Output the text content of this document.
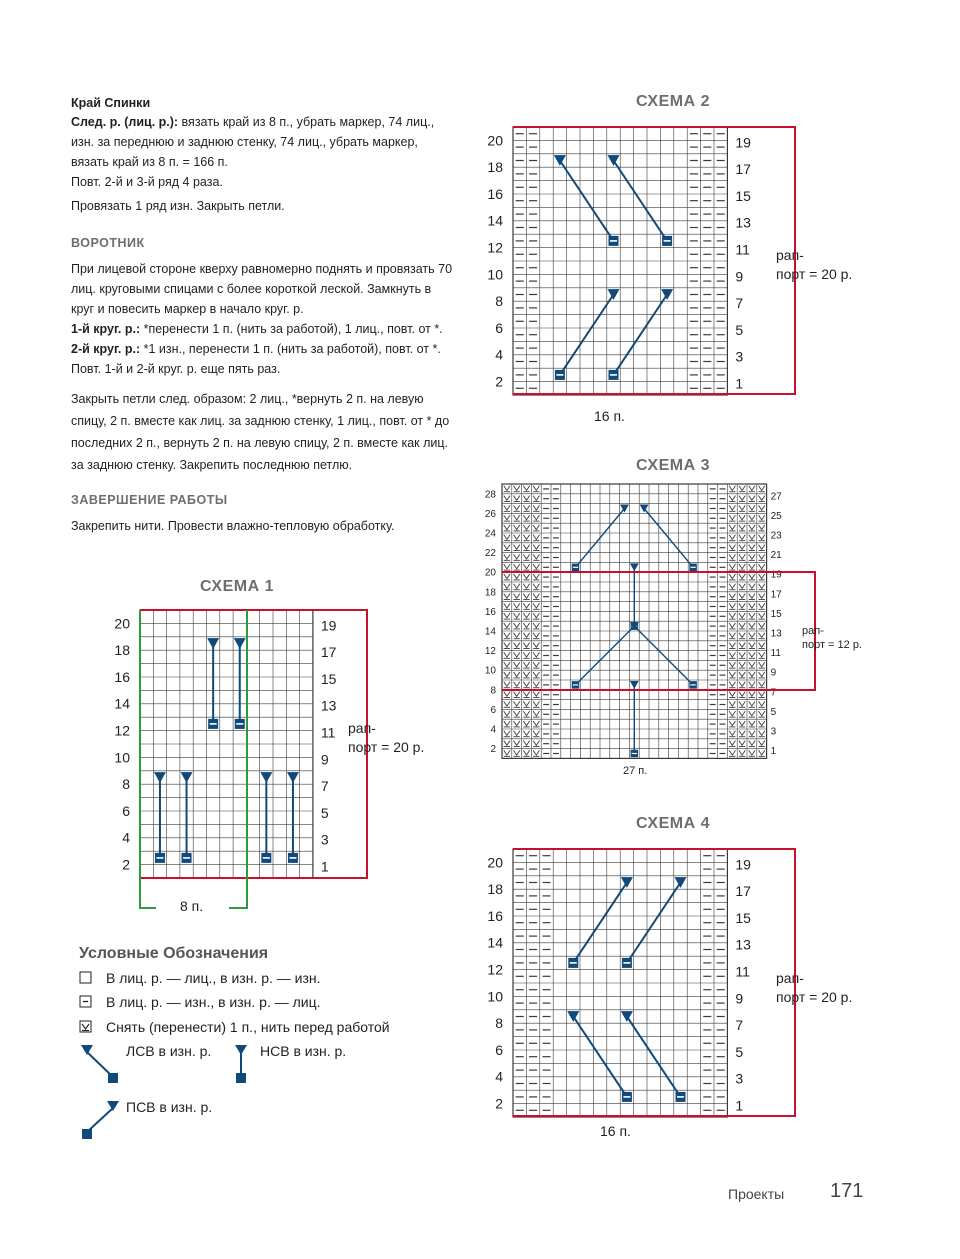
Край Спинки
След. р. (лиц. р.): вязать край из 8 п., убрать маркер, 74 лиц., изн. за переднюю и заднюю стенку, 74 лиц., убрать маркер, вязать край из 8 п. = 166 п.
Повт. 2-й и 3-й ряд 4 раза.
Провязать 1 ряд изн. Закрыть петли.
ВОРОТНИК
При лицевой стороне кверху равномерно поднять и провязать 70 лиц. круговыми спицами с более короткой леской. Замкнуть в круг и повесить маркер в начало круг. р.
1-й круг. р.: *перенести 1 п. (нить за работой), 1 лиц., повт. от *.
2-й круг. р.: *1 изн., перенести 1 п. (нить за работой), повт. от *.
Повт. 1-й и 2-й круг. р. еще пять раз.
Закрыть петли след. образом: 2 лиц., *вернуть 2 п. на левую спицу, 2 п. вместе как лиц. за заднюю стенку, 1 лиц., повт. от * до последних 2 п., вернуть 2 п. на левую спицу, 2 п. вместе как лиц. за заднюю стенку. Закрепить последнюю петлю.
ЗАВЕРШЕНИЕ РАБОТЫ
Закрепить нити. Провести влажно-тепловую обработку.
СХЕМА 1
СХЕМА 2
СХЕМА 3
СХЕМА 4
1
2
3
4
5
6
7
8
9
10
11
12
13
14
15
16
17
18
19
20
1
2
3
4
5
6
7
8
9
10
11
12
13
14
15
16
17
18
19
20
1
2
3
4
5
6
7
8
9
10
11
12
13
14
15
16
17
18
19
20
21
22
23
24
25
26
27
28
1
2
3
4
5
6
7
8
9
10
11
12
13
14
15
16
17
18
19
20
рап-
порт = 20 р.
8 п.
рап-
порт = 20 р.
16 п.
рап-
порт = 12 р.
27 п.
рап-
порт = 20 р.
16 п.
Условные Обозначения
В лиц. р. — лиц., в изн. р. — изн.
В лиц. р. — изн., в изн. р. — лиц.
Снять (перенести) 1 п., нить перед работой
ЛСВ в изн. р.	НСВ в изн. р.
ПСВ в изн. р.
Проекты 171
